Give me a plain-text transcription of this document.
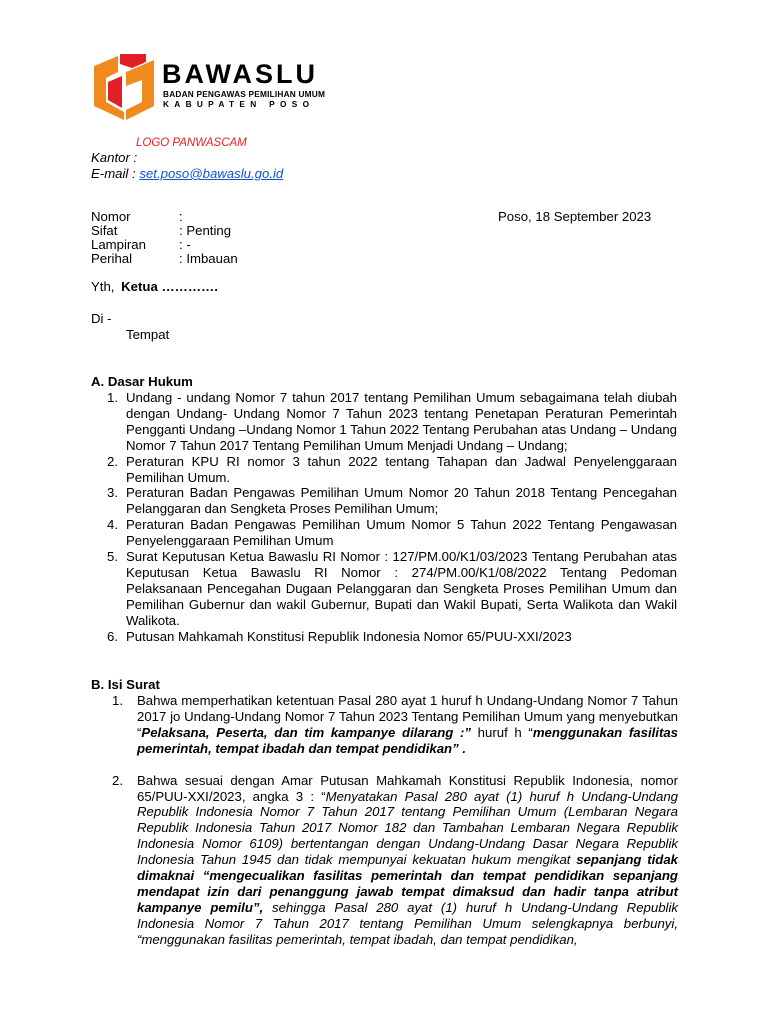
BAWASLU
BADAN PENGAWAS PEMILIHAN UMUM
KABUPATEN POSO
LOGO PANWASCAM
Kantor :
E-mail : set.poso@bawaslu.go.id
Nomor	:
Sifat	: Penting
Lampiran	: -
Perihal	: Imbauan
Poso, 18 September 2023
Yth, Ketua ………….
Di -
Tempat
A. Dasar Hukum
1. Undang - undang Nomor 7 tahun 2017 tentang Pemilihan Umum sebagaimana telah diubah dengan Undang- Undang Nomor 7 Tahun 2023 tentang Penetapan Peraturan Pemerintah Pengganti Undang –Undang Nomor 1 Tahun 2022 Tentang Perubahan atas Undang – Undang Nomor 7 Tahun 2017 Tentang Pemilihan Umum Menjadi Undang – Undang;
2. Peraturan KPU RI nomor 3 tahun 2022 tentang Tahapan dan Jadwal Penyelenggaraan Pemilihan Umum.
3. Peraturan Badan Pengawas Pemilihan Umum Nomor 20 Tahun 2018 Tentang Pencegahan Pelanggaran dan Sengketa Proses Pemilihan Umum;
4. Peraturan Badan Pengawas Pemilihan Umum Nomor 5 Tahun 2022 Tentang Pengawasan Penyelenggaraan Pemilihan Umum
5. Surat Keputusan Ketua Bawaslu RI Nomor : 127/PM.00/K1/03/2023 Tentang Perubahan atas Keputusan Ketua Bawaslu RI Nomor : 274/PM.00/K1/08/2022 Tentang Pedoman Pelaksanaan Pencegahan Dugaan Pelanggaran dan Sengketa Proses Pemilihan Umum dan Pemilihan Gubernur dan wakil Gubernur, Bupati dan Wakil Bupati, Serta Walikota dan Wakil Walikota.
6. Putusan Mahkamah Konstitusi Republik Indonesia Nomor 65/PUU-XXI/2023
B. Isi Surat
1. Bahwa memperhatikan ketentuan Pasal 280 ayat 1 huruf h Undang-Undang Nomor 7 Tahun 2017 jo Undang-Undang Nomor 7 Tahun 2023 Tentang Pemilihan Umum yang menyebutkan “Pelaksana, Peserta, dan tim kampanye dilarang :” huruf h “menggunakan fasilitas pemerintah, tempat ibadah dan tempat pendidikan” .
2. Bahwa sesuai dengan Amar Putusan Mahkamah Konstitusi Republik Indonesia, nomor 65/PUU-XXI/2023, angka 3 : “Menyatakan Pasal 280 ayat (1) huruf h Undang-Undang Republik Indonesia Nomor 7 Tahun 2017 tentang Pemilihan Umum (Lembaran Negara Republik Indonesia Tahun 2017 Nomor 182 dan Tambahan Lembaran Negara Republik Indonesia Nomor 6109) bertentangan dengan Undang-Undang Dasar Negara Republik Indonesia Tahun 1945 dan tidak mempunyai kekuatan hukum mengikat sepanjang tidak dimaknai “mengecualikan fasilitas pemerintah dan tempat pendidikan sepanjang mendapat izin dari penanggung jawab tempat dimaksud dan hadir tanpa atribut kampanye pemilu”, sehingga Pasal 280 ayat (1) huruf h Undang-Undang Republik Indonesia Nomor 7 Tahun 2017 tentang Pemilihan Umum selengkapnya berbunyi, “menggunakan fasilitas pemerintah, tempat ibadah, dan tempat pendidikan,
